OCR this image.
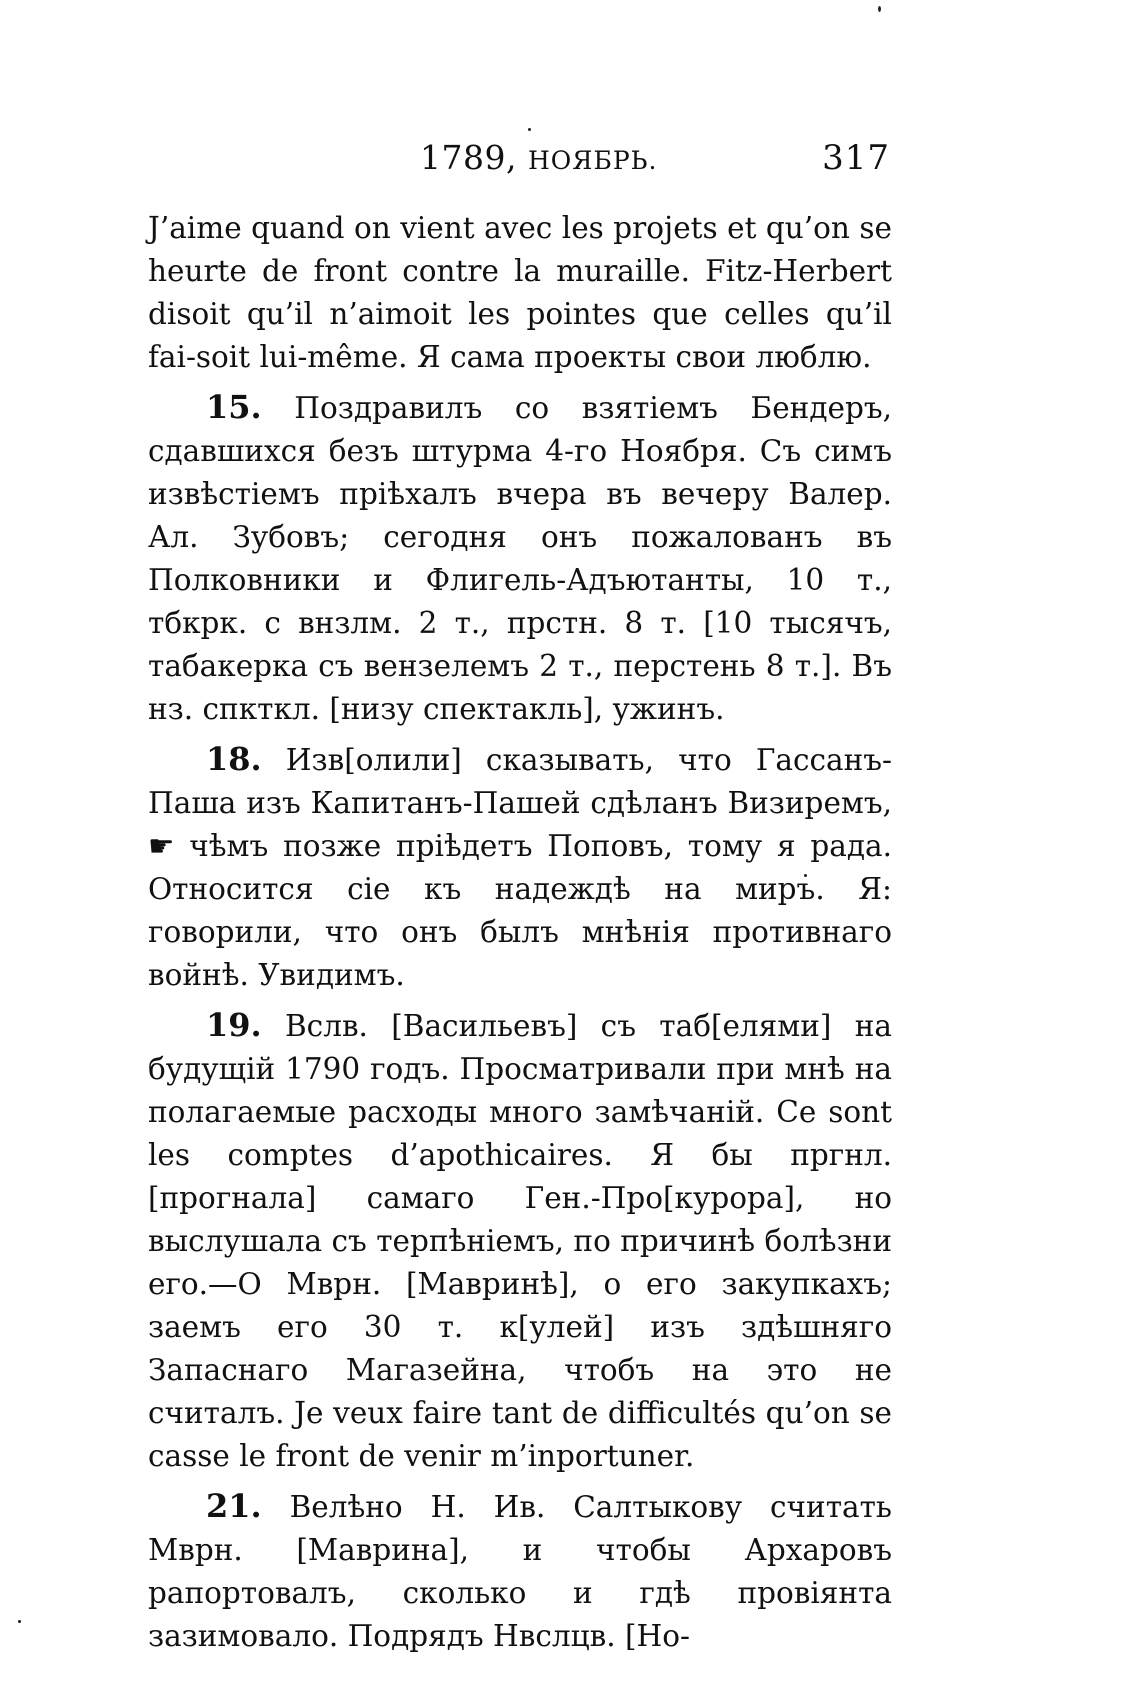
1789, НОЯБРЬ.	317

J’aime quand on vient avec les projets et qu’on se heurte de front contre la muraille. Fitz-Herbert disoit qu’il n’aimoit les pointes que celles qu’il fai-soit lui-même. Я сама проекты свои люблю.

15. Поздравилъ со взятіемъ Бендеръ, сдавшихся безъ штурма 4-го Ноября. Съ симъ извѣстіемъ пріѣхалъ вчера въ вечеру Валер. Ал. Зубовъ; сегодня онъ пожалованъ въ Полковники и Флигель-Адъютанты, 10 т., тбкрк. с внзлм. 2 т., прстн. 8 т. [10 тысячъ, табакерка съ вензелемъ 2 т., перстень 8 т.]. Въ нз. спкткл. [низу спектакль], ужинъ.

18. Изв[олили] сказывать, что Гассанъ-Паша изъ Капитанъ-Пашей сдѣланъ Визиремъ,☛ чѣмъ позже пріѣдетъ Поповъ, тому я рада. Относится сіе къ надеждѣ на миръ. Я: говорили, что онъ былъ мнѣнія противнаго войнѣ. Увидимъ.

19. Вслв. [Васильевъ] съ таб[елями] на будущій 1790 годъ. Просматривали при мнѣ на полагаемые расходы много замѣчаній. Ce sont les comptes d’apothicaires. Я бы пргнл. [прогнала] самаго Ген.-Про[курора], но выслушала съ терпѣніемъ, по причинѣ болѣзни его.—О Мврн. [Мавринѣ], о его закупкахъ; заемъ его 30 т. к[улей] изъ здѣшняго Запаснаго Магазейна, чтобъ на это не считалъ. Je veux faire tant de difficultés qu’on se casse le front de venir m’inportuner.

21. Велѣно Н. Ив. Салтыкову считать Мврн. [Маврина], и чтобы Архаровъ рапортовалъ, сколько и гдѣ провіянта зазимовало. Подрядъ Нвслцв. [Но-
